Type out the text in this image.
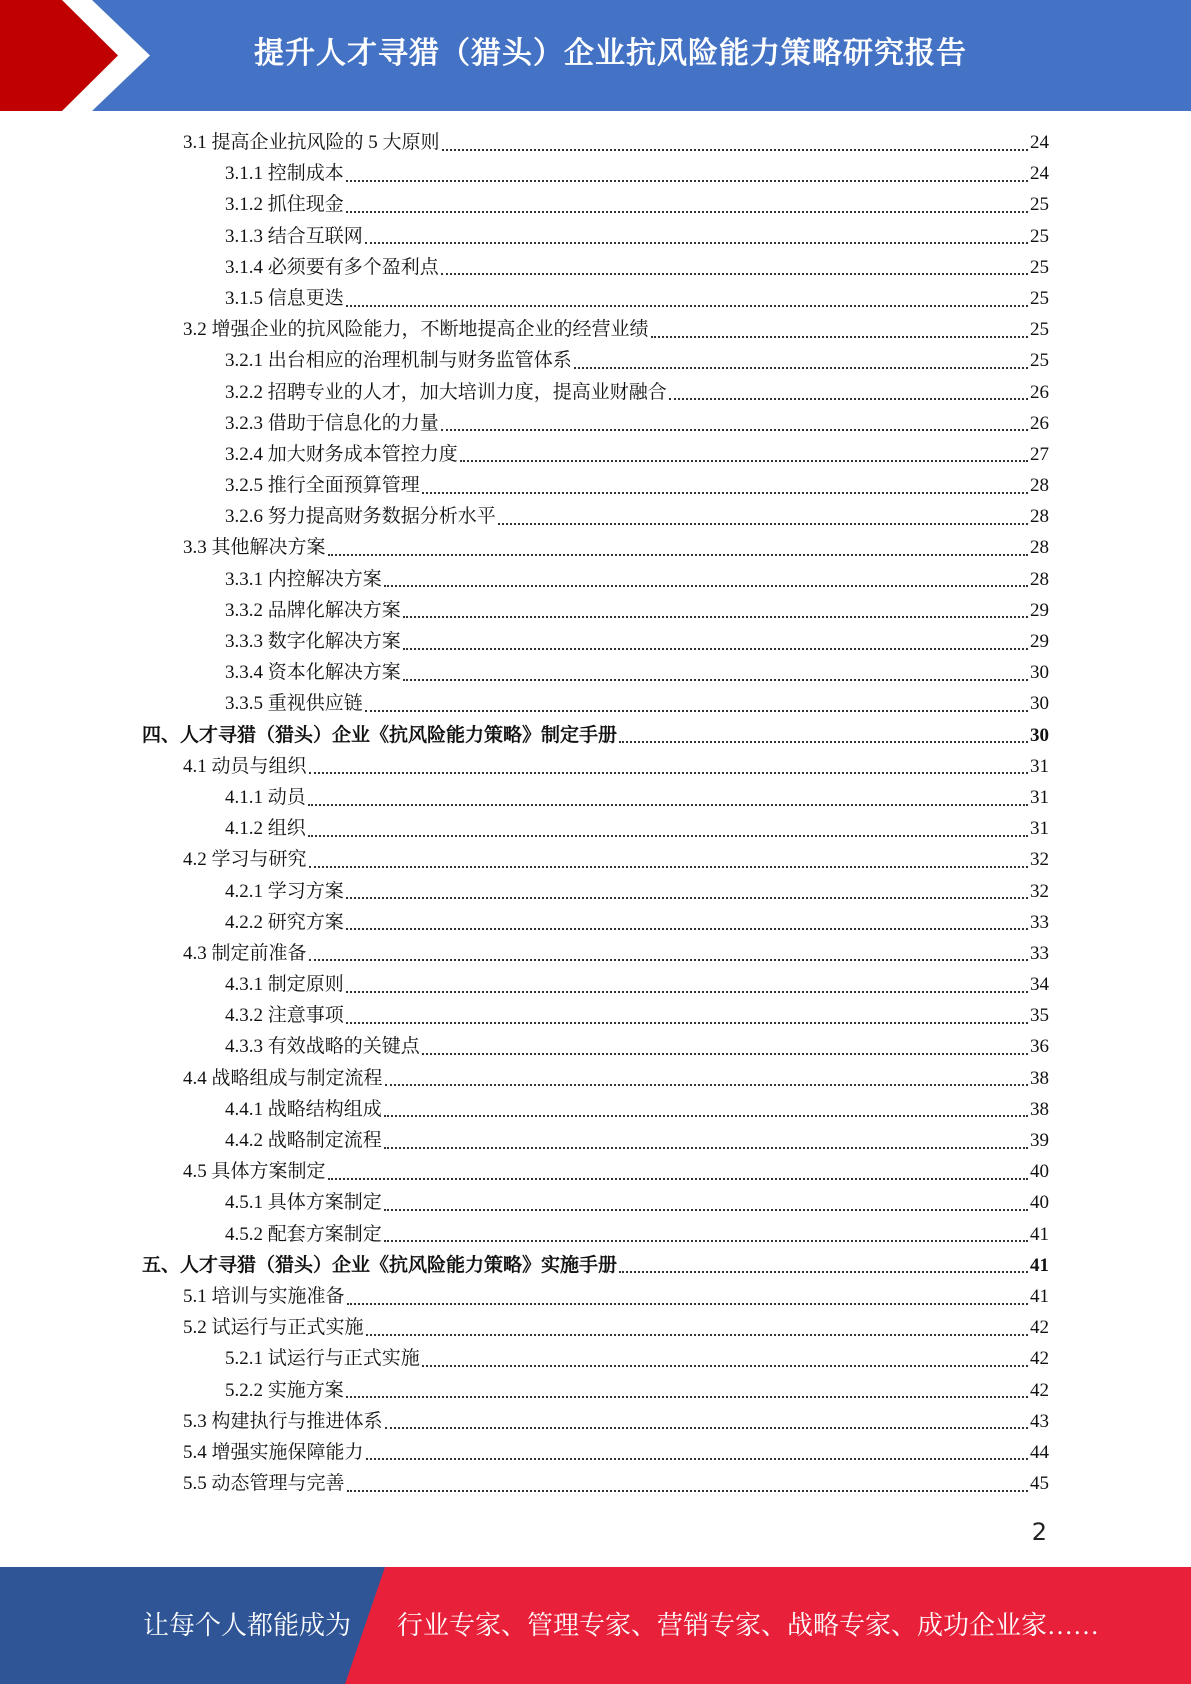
提升人才寻猎（猎头）企业抗风险能力策略研究报告
3.1 提高企业抗风险的 5 大原则	24
3.1.1 控制成本	24
3.1.2 抓住现金	25
3.1.3 结合互联网	25
3.1.4 必须要有多个盈利点	25
3.1.5 信息更迭	25
3.2 增强企业的抗风险能力，不断地提高企业的经营业绩	25
3.2.1 出台相应的治理机制与财务监管体系	25
3.2.2 招聘专业的人才，加大培训力度，提高业财融合	26
3.2.3 借助于信息化的力量	26
3.2.4 加大财务成本管控力度	27
3.2.5 推行全面预算管理	28
3.2.6 努力提高财务数据分析水平	28
3.3 其他解决方案	28
3.3.1 内控解决方案	28
3.3.2 品牌化解决方案	29
3.3.3 数字化解决方案	29
3.3.4 资本化解决方案	30
3.3.5 重视供应链	30
四、人才寻猎（猎头）企业《抗风险能力策略》制定手册	30
4.1 动员与组织	31
4.1.1 动员	31
4.1.2 组织	31
4.2 学习与研究	32
4.2.1 学习方案	32
4.2.2 研究方案	33
4.3 制定前准备	33
4.3.1 制定原则	34
4.3.2 注意事项	35
4.3.3 有效战略的关键点	36
4.4 战略组成与制定流程	38
4.4.1 战略结构组成	38
4.4.2 战略制定流程	39
4.5 具体方案制定	40
4.5.1 具体方案制定	40
4.5.2 配套方案制定	41
五、人才寻猎（猎头）企业《抗风险能力策略》实施手册	41
5.1 培训与实施准备	41
5.2 试运行与正式实施	42
5.2.1 试运行与正式实施	42
5.2.2 实施方案	42
5.3 构建执行与推进体系	43
5.4 增强实施保障能力	44
5.5 动态管理与完善	45
2
让每个人都能成为 行业专家、管理专家、营销专家、战略专家、成功企业家……
